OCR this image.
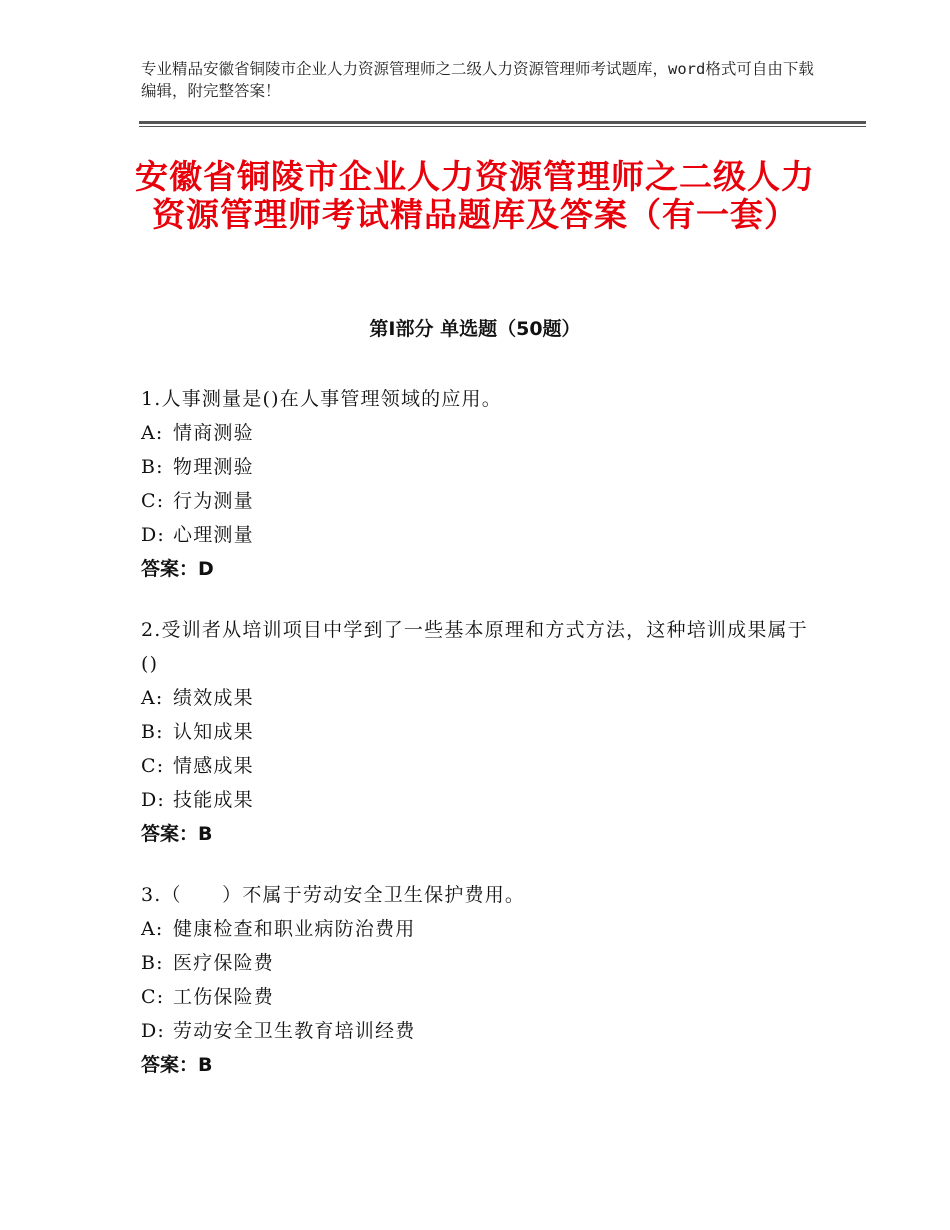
专业精品安徽省铜陵市企业人力资源管理师之二级人力资源管理师考试题库，word格式可自由下载编辑，附完整答案！
安徽省铜陵市企业人力资源管理师之二级人力资源管理师考试精品题库及答案（有一套）
第Ⅰ部分 单选题（50题）
1.人事测量是()在人事管理领域的应用。
A: 情商测验
B: 物理测验
C: 行为测量
D: 心理测量
答案：D
2.受训者从培训项目中学到了一些基本原理和方式方法，这种培训成果属于()
A: 绩效成果
B: 认知成果
C: 情感成果
D: 技能成果
答案：B
3.（　　）不属于劳动安全卫生保护费用。
A: 健康检查和职业病防治费用
B: 医疗保险费
C: 工伤保险费
D: 劳动安全卫生教育培训经费
答案：B
